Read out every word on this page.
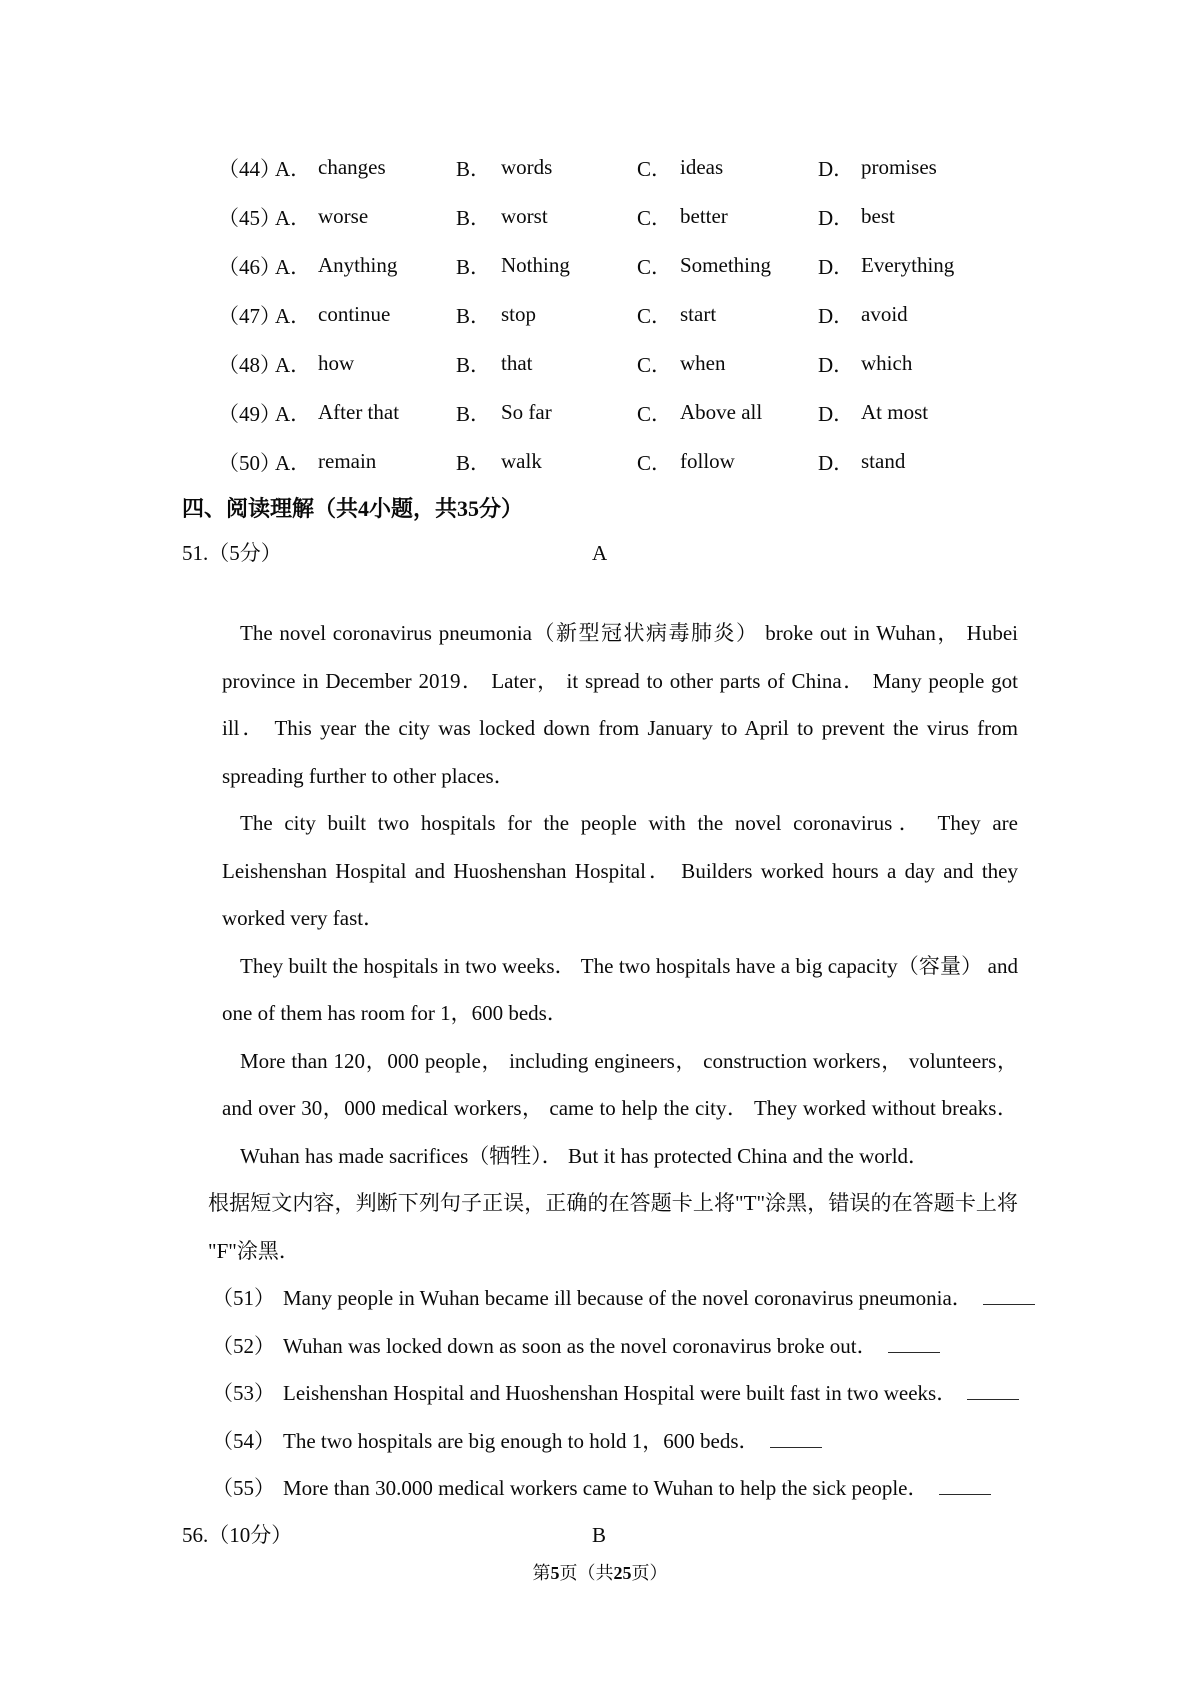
（44）
A． changes	B． words	C． ideas	D． promises
（45）
A． worse	B． worst	C． better	D． best
（46）
A． Anything	B． Nothing	C． Something	D． Everything
（47）
A． continue	B． stop	C． start	D． avoid
（48）
A． how	B． that	C． when	D． which
（49）
A． After that	B． So far	C． Above all	D． At most
（50）
A． remain	B． walk	C． follow	D． stand
四、阅读理解（共4小题，共35分）
51.（5分）	A
The novel coronavirus pneumonia（新型冠状病毒肺炎） broke out in Wuhan， Hubei
province in December 2019． Later， it spread to other parts of China． Many people got
ill． This year the city was locked down from January to April to prevent the virus from
spreading further to other places．
The city built two hospitals for the people with the novel coronavirus． They are
Leishenshan Hospital and Huoshenshan Hospital． Builders worked hours a day and they
worked very fast．
They built the hospitals in two weeks． The two hospitals have a big capacity（容量） and
one of them has room for 1，600 beds．
More than 120，000 people， including engineers， construction workers， volunteers，
and over 30，000 medical workers， came to help the city． They worked without breaks．
Wuhan has made sacrifices（牺牲）． But it has protected China and the world．
根据短文内容，判断下列句子正误，正确的在答题卡上将"T"涂黑，错误的在答题卡上将
"F"涂黑．
（51） Many people in Wuhan became ill because of the novel coronavirus pneumonia．
（52） Wuhan was locked down as soon as the novel coronavirus broke out．
（53） Leishenshan Hospital and Huoshenshan Hospital were built fast in two weeks．
（54） The two hospitals are big enough to hold 1，600 beds．
（55） More than 30.000 medical workers came to Wuhan to help the sick people．
56.（10分）	B
第5页（共25页）
